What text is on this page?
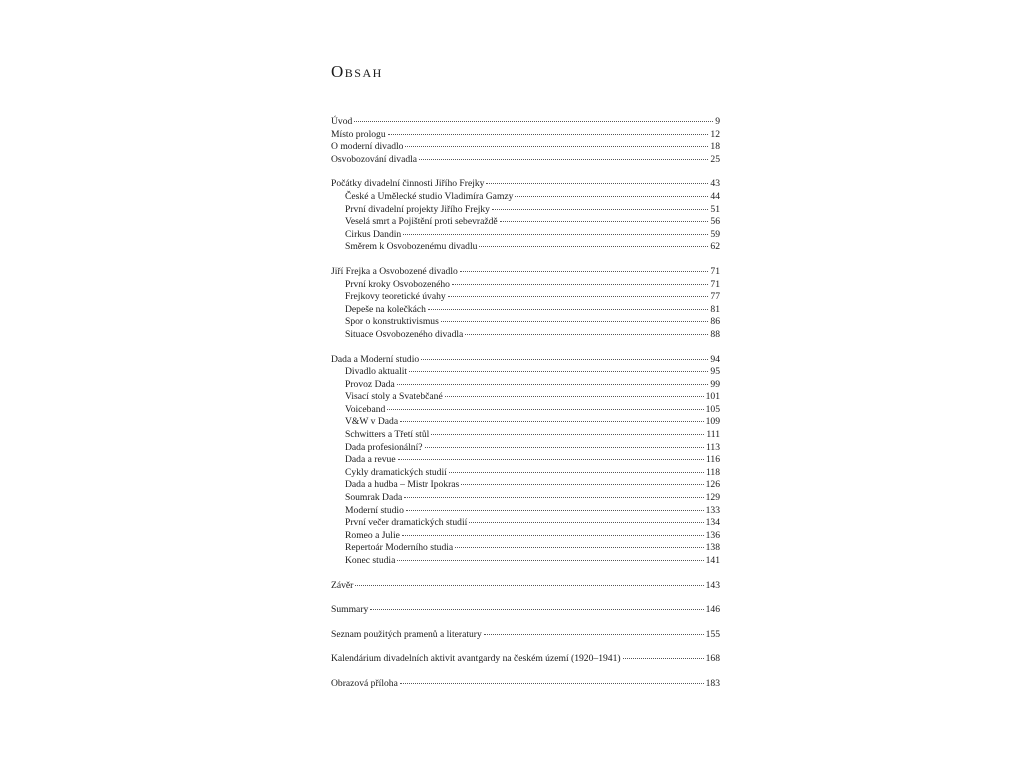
Obsah
Úvod	9
Místo prologu	12
O moderní divadlo	18
Osvobozování divadla	25
Počátky divadelní činnosti Jiřího Frejky	43
České a Umělecké studio Vladimíra Gamzy	44
První divadelní projekty Jiřího Frejky	51
Veselá smrt a Pojištění proti sebevraždě	56
Cirkus Dandin	59
Směrem k Osvobozenému divadlu	62
Jiří Frejka a Osvobozené divadlo	71
První kroky Osvobozeného	71
Frejkovy teoretické úvahy	77
Depeše na kolečkách	81
Spor o konstruktivismus	86
Situace Osvobozeného divadla	88
Dada a Moderní studio	94
Divadlo aktualit	95
Provoz Dada	99
Visací stoly a Svatebčané	101
Voiceband	105
V&W v Dada	109
Schwitters a Třetí stůl	111
Dada profesionální?	113
Dada a revue	116
Cykly dramatických studií	118
Dada a hudba – Mistr Ipokras	126
Soumrak Dada	129
Moderní studio	133
První večer dramatických studií	134
Romeo a Julie	136
Repertoár Moderního studia	138
Konec studia	141
Závěr	143
Summary	146
Seznam použitých pramenů a literatury	155
Kalendárium divadelních aktivit avantgardy na českém území (1920–1941)	168
Obrazová příloha	183
